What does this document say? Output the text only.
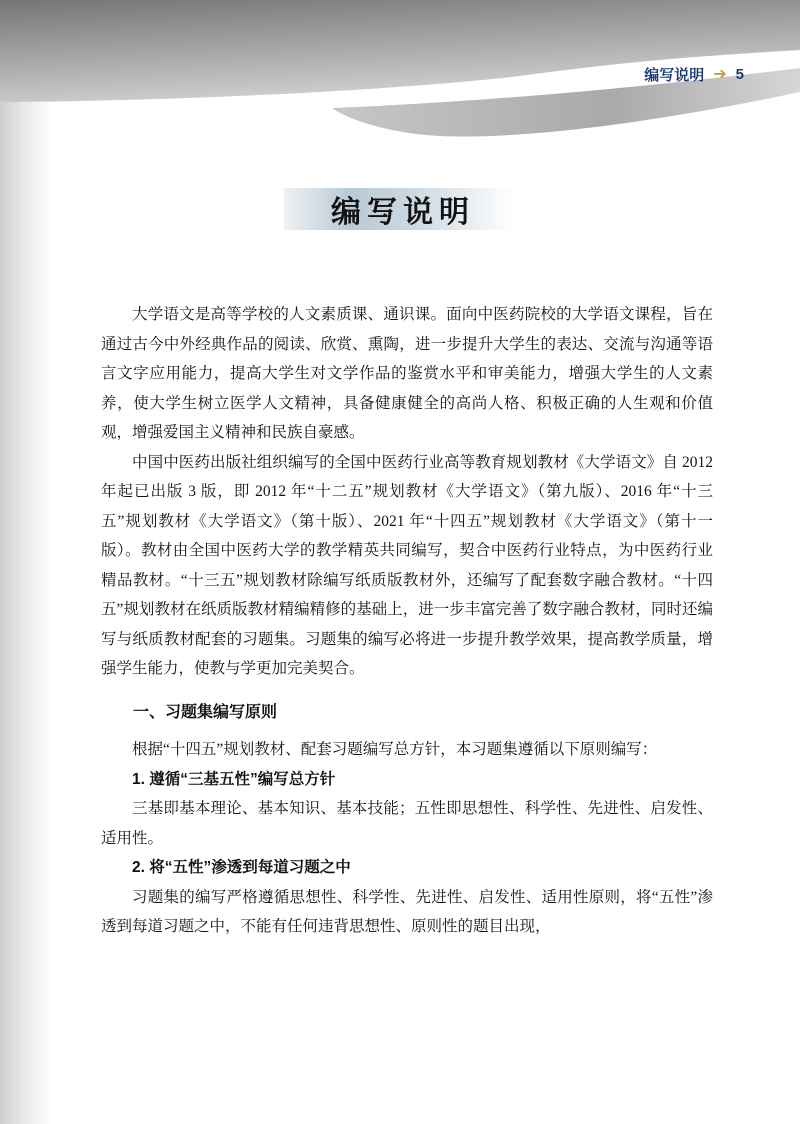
编写说明 ➔ 5
编写说明

大学语文是高等学校的人文素质课、通识课。面向中医药院校的大学语文课程，旨在通过古今中外经典作品的阅读、欣赏、熏陶，进一步提升大学生的表达、交流与沟通等语言文字应用能力，提高大学生对文学作品的鉴赏水平和审美能力，增强大学生的人文素养，使大学生树立医学人文精神，具备健康健全的高尚人格、积极正确的人生观和价值观，增强爱国主义精神和民族自豪感。

中国中医药出版社组织编写的全国中医药行业高等教育规划教材《大学语文》自 2012 年起已出版 3 版，即 2012 年“十二五”规划教材《大学语文》（第九版）、2016 年“十三五”规划教材《大学语文》（第十版）、2021 年“十四五”规划教材《大学语文》（第十一版）。教材由全国中医药大学的教学精英共同编写，契合中医药行业特点，为中医药行业精品教材。“十三五”规划教材除编写纸质版教材外，还编写了配套数字融合教材。“十四五”规划教材在纸质版教材精编精修的基础上，进一步丰富完善了数字融合教材，同时还编写与纸质教材配套的习题集。习题集的编写必将进一步提升教学效果，提高教学质量，增强学生能力，使教与学更加完美契合。

一、习题集编写原则

根据“十四五”规划教材、配套习题编写总方针，本习题集遵循以下原则编写：

1. 遵循“三基五性”编写总方针

三基即基本理论、基本知识、基本技能；五性即思想性、科学性、先进性、启发性、适用性。

2. 将“五性”渗透到每道习题之中

习题集的编写严格遵循思想性、科学性、先进性、启发性、适用性原则，将“五性”渗透到每道习题之中，不能有任何违背思想性、原则性的题目出现，
